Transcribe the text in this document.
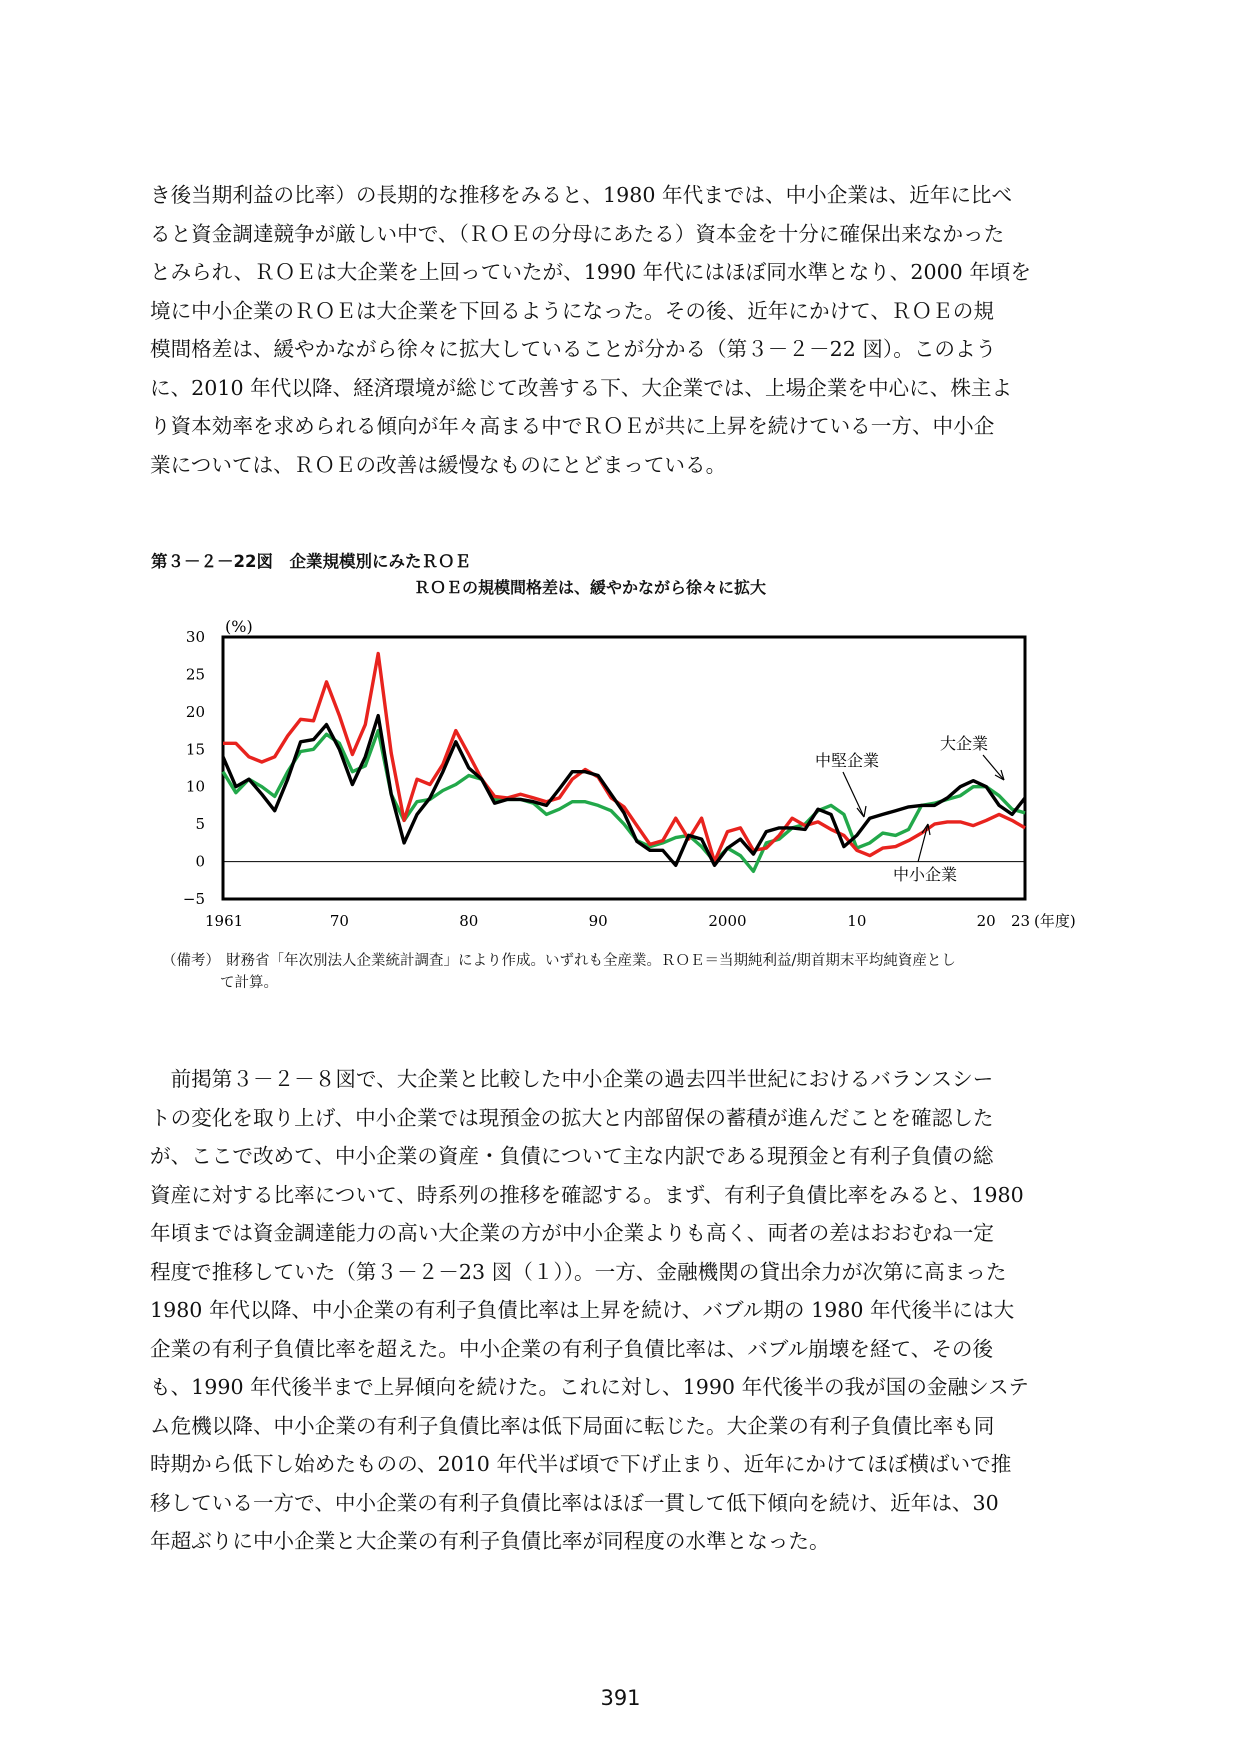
き後当期利益の比率）の長期的な推移をみると、1980 年代までは、中小企業は、近年に比べ
ると資金調達競争が厳しい中で、（ＲＯＥの分母にあたる）資本金を十分に確保出来なかった
とみられ、ＲＯＥは大企業を上回っていたが、1990 年代にはほぼ同水準となり、2000 年頃を
境に中小企業のＲＯＥは大企業を下回るようになった。その後、近年にかけて、ＲＯＥの規
模間格差は、緩やかながら徐々に拡大していることが分かる（第３－２－22 図）。このよう
に、2010 年代以降、経済環境が総じて改善する下、大企業では、上場企業を中心に、株主よ
り資本効率を求められる傾向が年々高まる中でＲＯＥが共に上昇を続けている一方、中小企
業については、ＲＯＥの改善は緩慢なものにとどまっている。
第３－２－22図　企業規模別にみたＲＯＥ
ＲＯＥの規模間格差は、緩やかながら徐々に拡大
30
25
20
15
10
5
0
−5
1961	70	80	90	2000	10	20 23
(%)
(年度)
中堅企業
大企業
中小企業
（備考） 財務省「年次別法人企業統計調査」により作成。いずれも全産業。ＲＯＥ＝当期純利益/期首期末平均純資産とし
て計算。
　前掲第３－２－８図で、大企業と比較した中小企業の過去四半世紀におけるバランスシー
トの変化を取り上げ、中小企業では現預金の拡大と内部留保の蓄積が進んだことを確認した
が、ここで改めて、中小企業の資産・負債について主な内訳である現預金と有利子負債の総
資産に対する比率について、時系列の推移を確認する。まず、有利子負債比率をみると、1980
年頃までは資金調達能力の高い大企業の方が中小企業よりも高く、両者の差はおおむね一定
程度で推移していた（第３－２－23 図（１））。一方、金融機関の貸出余力が次第に高まった
1980 年代以降、中小企業の有利子負債比率は上昇を続け、バブル期の 1980 年代後半には大
企業の有利子負債比率を超えた。中小企業の有利子負債比率は、バブル崩壊を経て、その後
も、1990 年代後半まで上昇傾向を続けた。これに対し、1990 年代後半の我が国の金融システ
ム危機以降、中小企業の有利子負債比率は低下局面に転じた。大企業の有利子負債比率も同
時期から低下し始めたものの、2010 年代半ば頃で下げ止まり、近年にかけてほぼ横ばいで推
移している一方で、中小企業の有利子負債比率はほぼ一貫して低下傾向を続け、近年は、30
年超ぶりに中小企業と大企業の有利子負債比率が同程度の水準となった。
391
